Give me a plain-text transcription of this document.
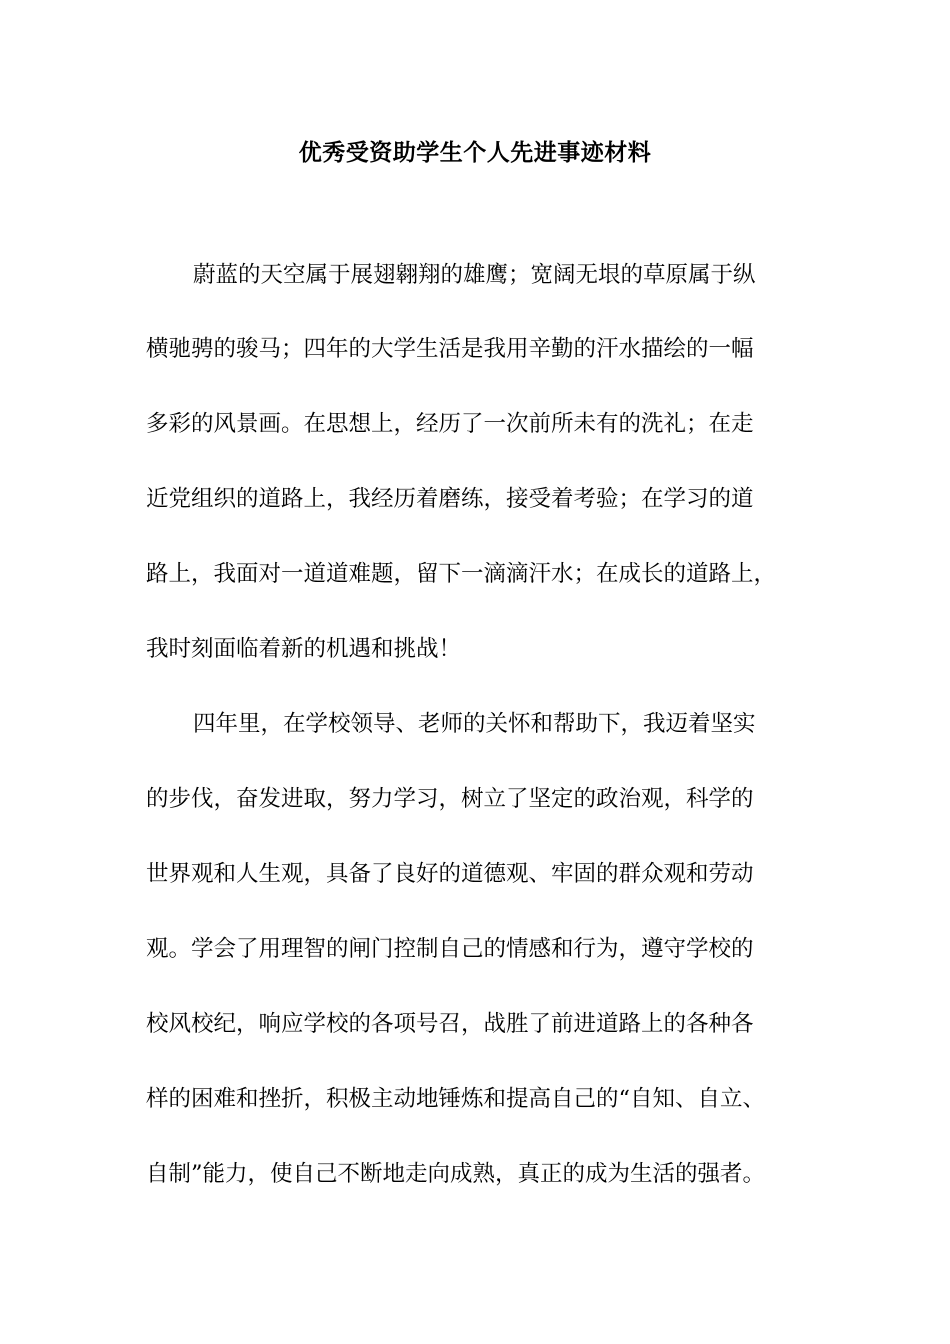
优秀受资助学生个人先进事迹材料

蔚蓝的天空属于展翅翱翔的雄鹰；宽阔无垠的草原属于纵

横驰骋的骏马；四年的大学生活是我用辛勤的汗水描绘的一幅

多彩的风景画。在思想上，经历了一次前所未有的洗礼；在走

近党组织的道路上，我经历着磨练，接受着考验；在学习的道

路上，我面对一道道难题，留下一滴滴汗水；在成长的道路上，

我时刻面临着新的机遇和挑战！

四年里，在学校领导、老师的关怀和帮助下，我迈着坚实

的步伐，奋发进取，努力学习，树立了坚定的政治观，科学的

世界观和人生观，具备了良好的道德观、牢固的群众观和劳动

观。学会了用理智的闸门控制自己的情感和行为，遵守学校的

校风校纪，响应学校的各项号召，战胜了前进道路上的各种各

样的困难和挫折，积极主动地锤炼和提高自己的“自知、自立、

自制”能力，使自己不断地走向成熟，真正的成为生活的强者。
